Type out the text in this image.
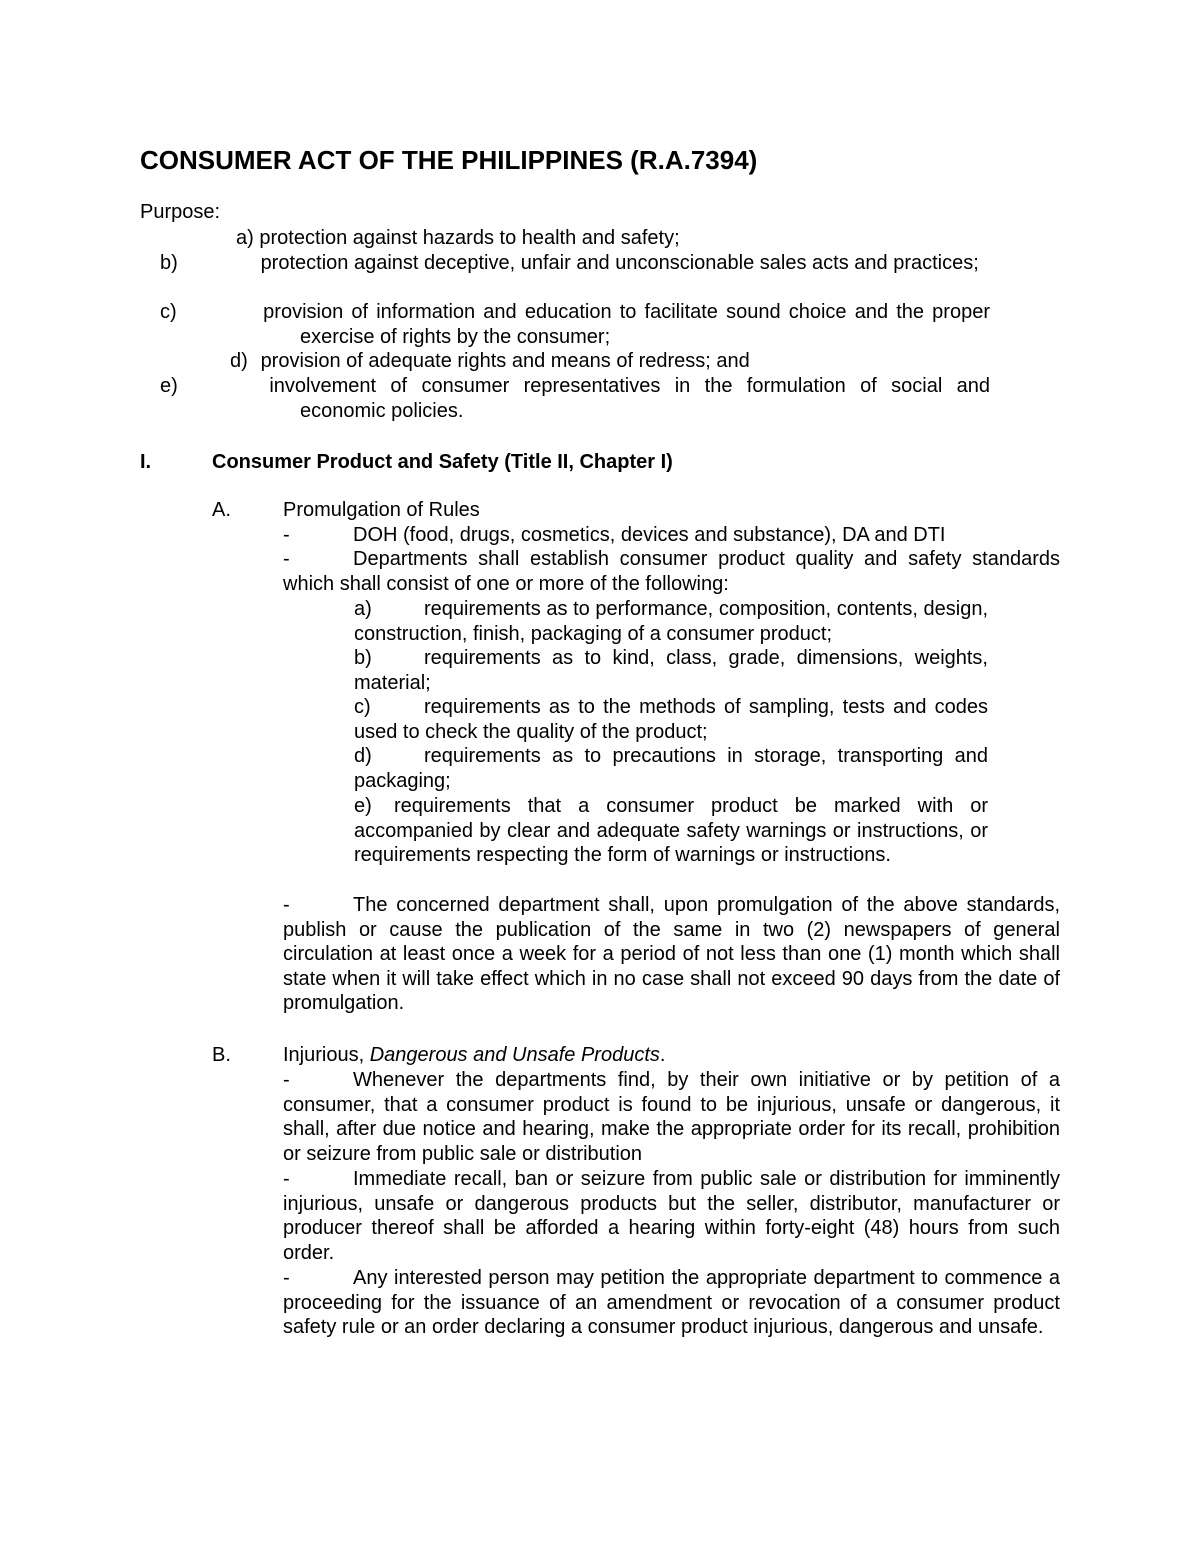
CONSUMER ACT OF THE PHILIPPINES (R.A.7394)

Purpose:

a) protection against hazards to health and safety;

b)	protection against deceptive, unfair and unconscionable sales acts and practices;

c)	provision of information and education to facilitate sound choice and the proper exercise of rights by the consumer;

d) provision of adequate rights and means of redress; and

e)	involvement of consumer representatives in the formulation of social and economic policies.

I.	Consumer Product and Safety (Title II, Chapter I)

A.	Promulgation of Rules

-	DOH (food, drugs, cosmetics, devices and substance), DA and DTI

-	Departments shall establish consumer product quality and safety standards which shall consist of one or more of the following:

a)	requirements as to performance, composition, contents, design, construction, finish, packaging of a consumer product;

b)	requirements as to kind, class, grade, dimensions, weights, material;

c)	requirements as to the methods of sampling, tests and codes used to check the quality of the product;

d)	requirements as to precautions in storage, transporting and packaging;

e) requirements that a consumer product be marked with or accompanied by clear and adequate safety warnings or instructions, or requirements respecting the form of warnings or instructions.

-	The concerned department shall, upon promulgation of the above standards, publish or cause the publication of the same in two (2) newspapers of general circulation at least once a week for a period of not less than one (1) month which shall state when it will take effect which in no case shall not exceed 90 days from the date of promulgation.

B.	Injurious, Dangerous and Unsafe Products.

-	Whenever the departments find, by their own initiative or by petition of a consumer, that a consumer product is found to be injurious, unsafe or dangerous, it shall, after due notice and hearing, make the appropriate order for its recall, prohibition or seizure from public sale or distribution

-	Immediate recall, ban or seizure from public sale or distribution for imminently injurious, unsafe or dangerous products but the seller, distributor, manufacturer or producer thereof shall be afforded a hearing within forty-eight (48) hours from such order.

-	Any interested person may petition the appropriate department to commence a proceeding for the issuance of an amendment or revocation of a consumer product safety rule or an order declaring a consumer product injurious, dangerous and unsafe.
